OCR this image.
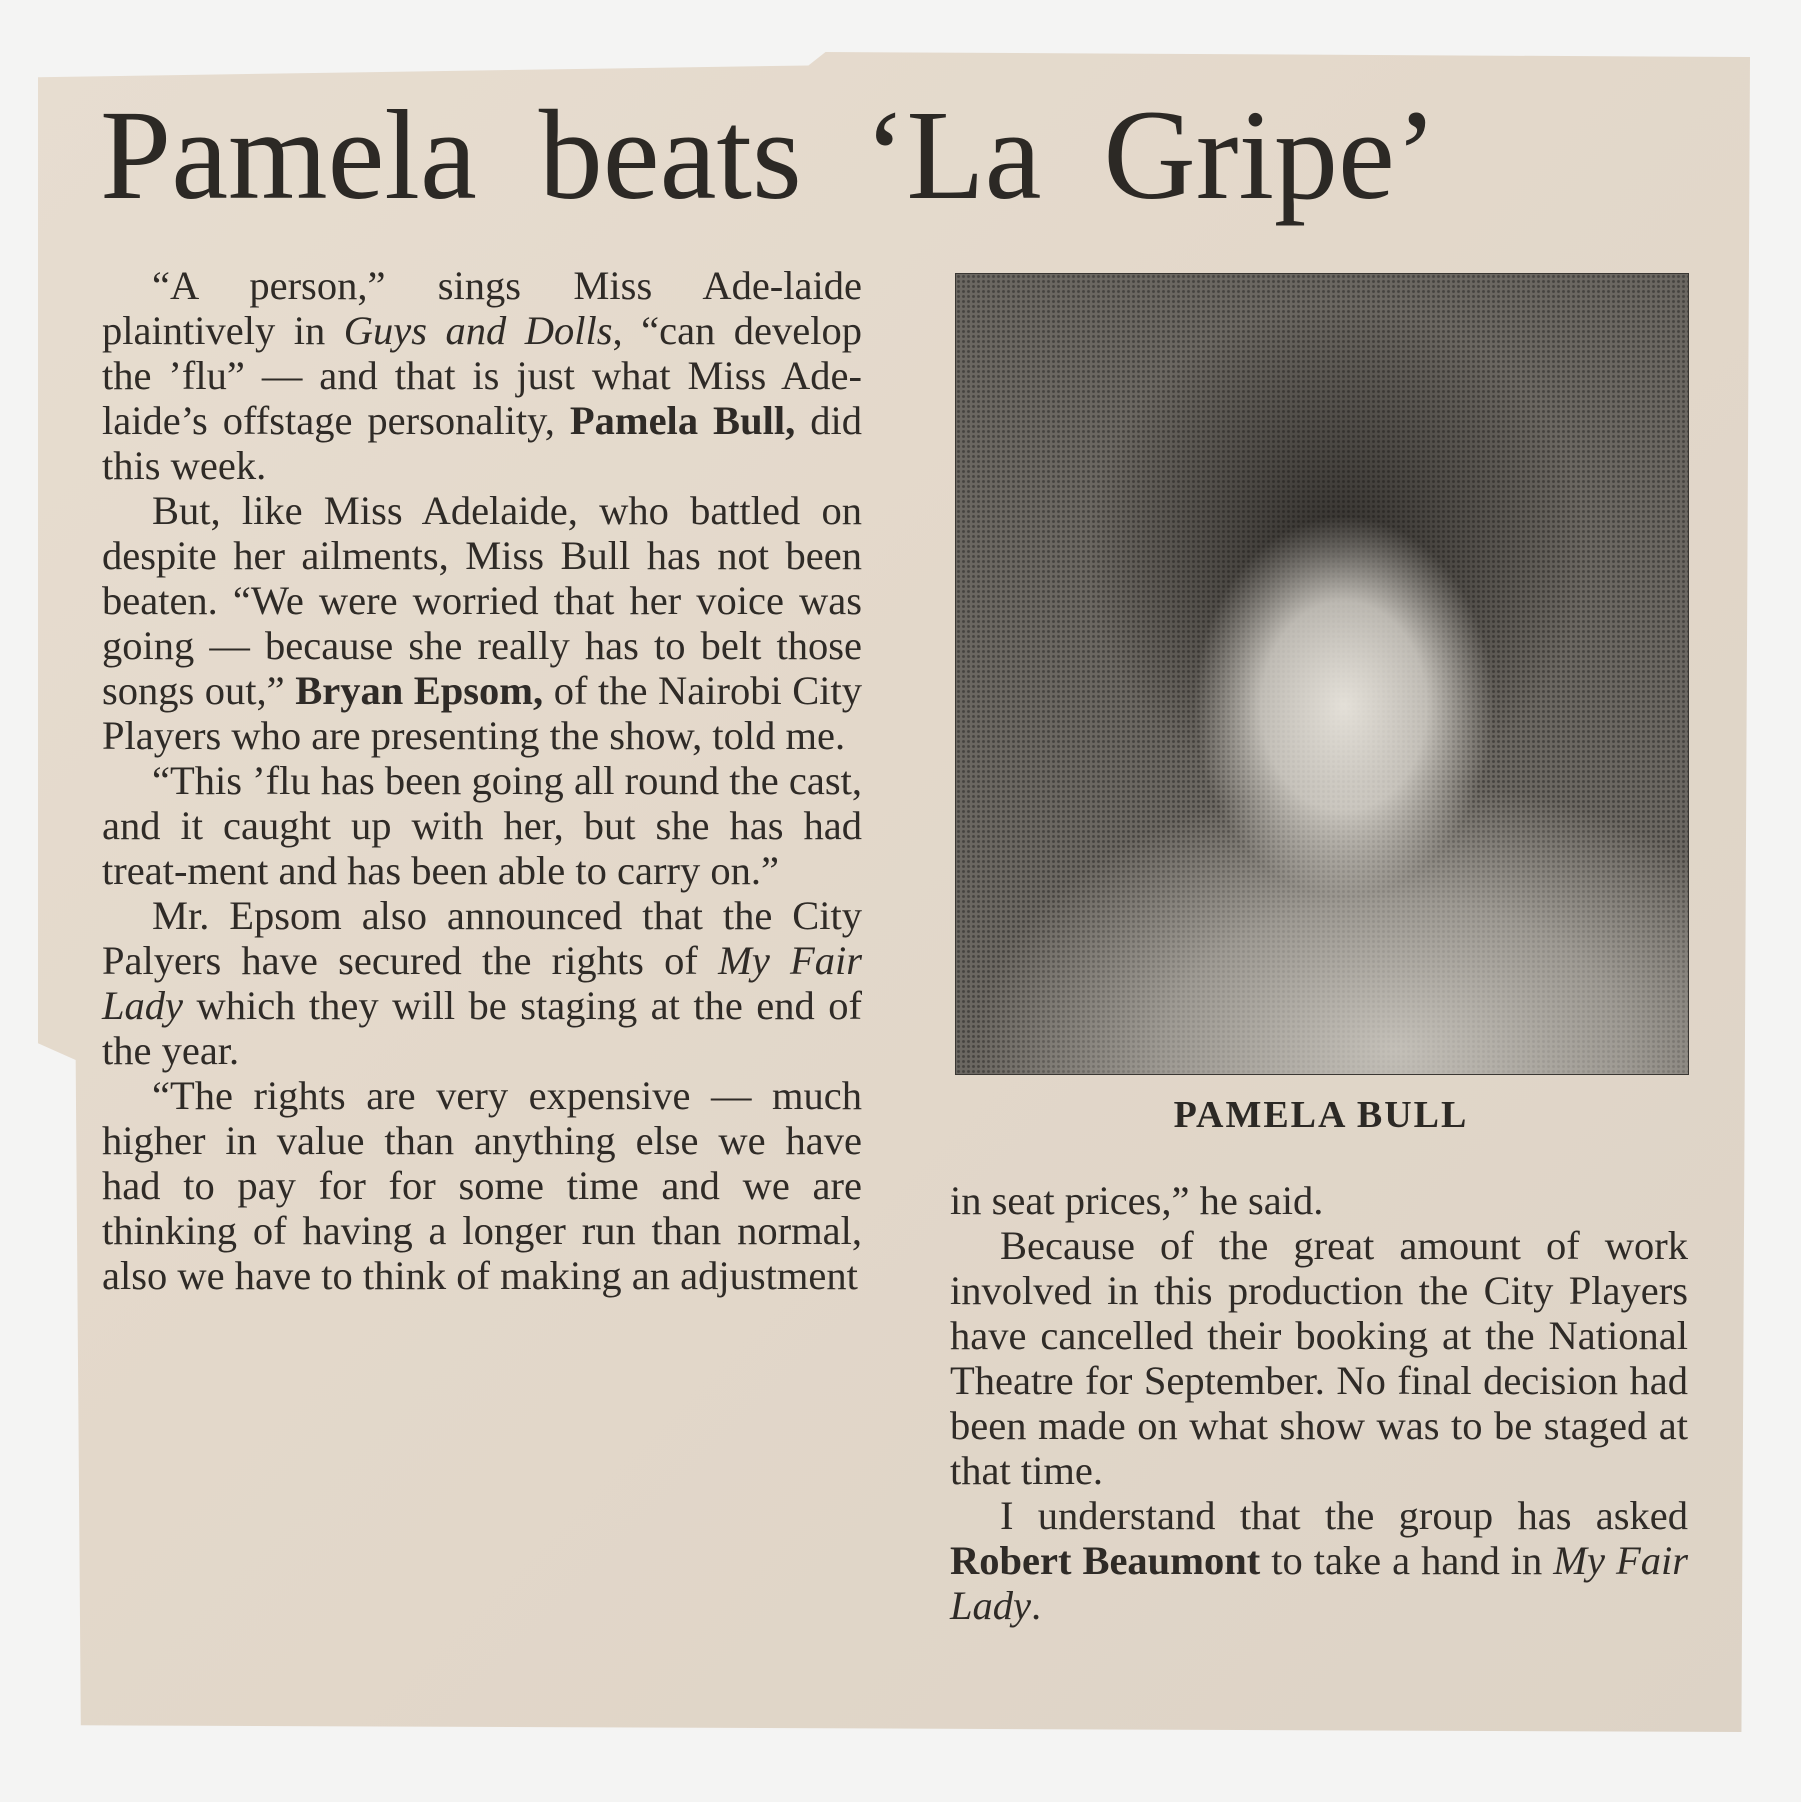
Pamela beats ‘La Gripe’

“A person,” sings Miss Ade-laide plaintively in Guys and Dolls, “can develop the ’flu” — and that is just what Miss Ade-laide’s offstage personality, Pamela Bull, did this week.

But, like Miss Adelaide, who battled on despite her ailments, Miss Bull has not been beaten. “We were worried that her voice was going — because she really has to belt those songs out,” Bryan Epsom, of the Nairobi City Players who are presenting the show, told me.

“This ’flu has been going all round the cast, and it caught up with her, but she has had treat-ment and has been able to carry on.”

Mr. Epsom also announced that the City Palyers have secured the rights of My Fair Lady which they will be staging at the end of the year.

“The rights are very expensive — much higher in value than anything else we have had to pay for for some time and we are thinking of having a longer run than normal, also we have to think of making an adjustment

PAMELA BULL

in seat prices,” he said.

Because of the great amount of work involved in this production the City Players have cancelled their booking at the National Theatre for September. No final decision had been made on what show was to be staged at that time.

I understand that the group has asked Robert Beaumont to take a hand in My Fair Lady.
